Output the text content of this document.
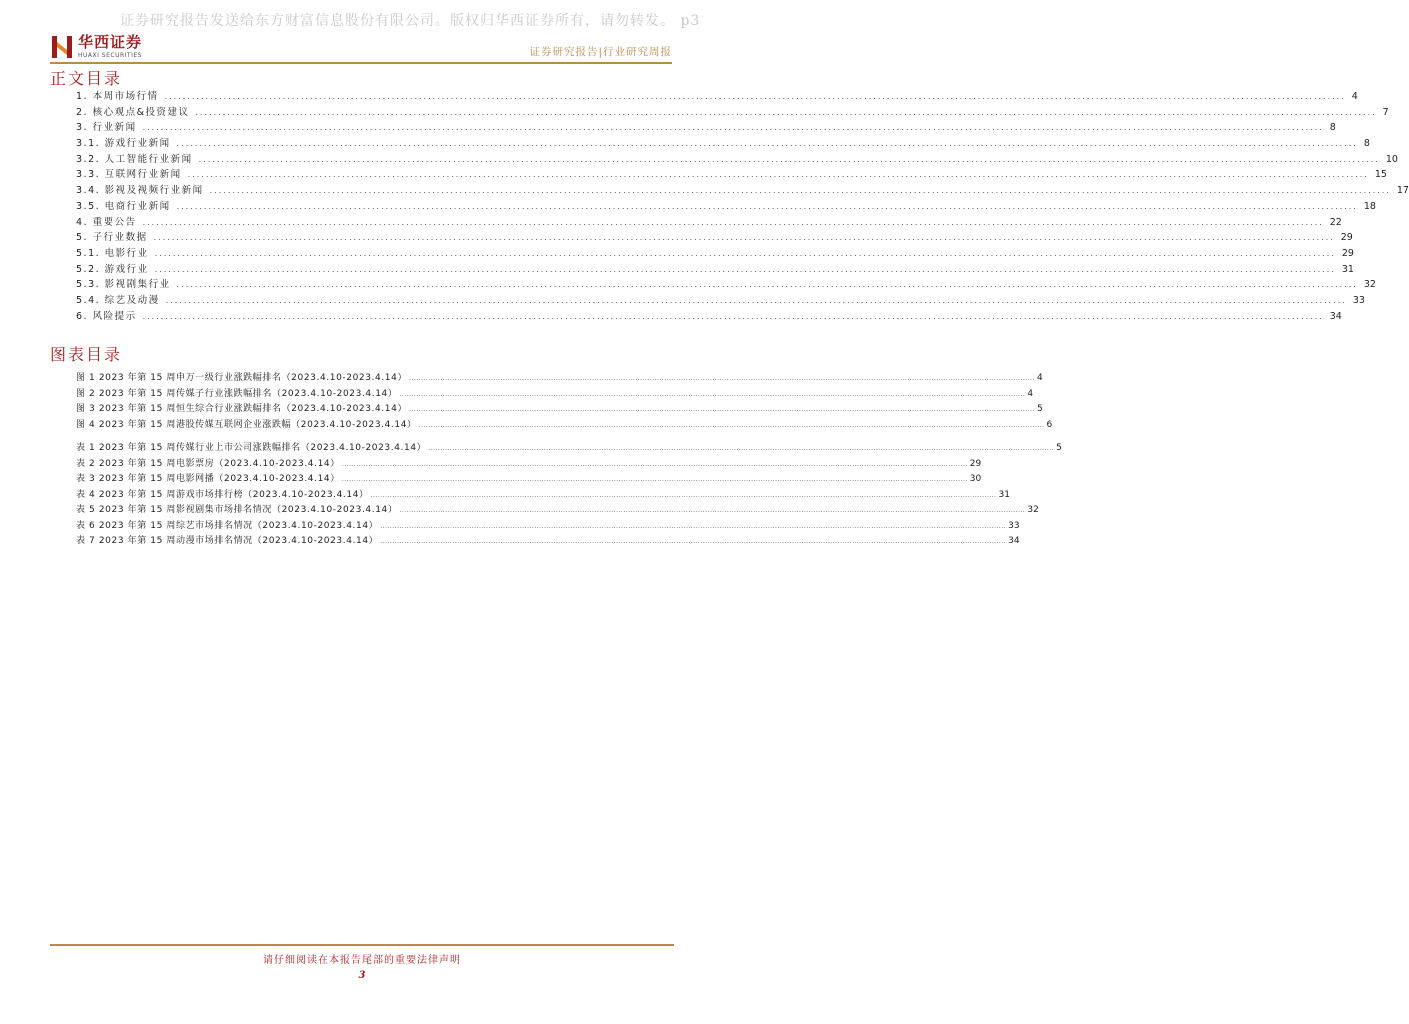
证券研究报告发送给东方财富信息股份有限公司。版权归华西证券所有，请勿转发。 p3
华西证券
HUAXI SECURITIES	证券研究报告|行业研究周报
正文目录
1. 本周市场行情 .................................................................................................................................................................................................................................................................... 4
2. 核心观点&投资建议 .................................................................................................................................................................................................................................................................... 7
3. 行业新闻 .................................................................................................................................................................................................................................................................... 8
3.1. 游戏行业新闻 .................................................................................................................................................................................................................................................................... 8
3.2. 人工智能行业新闻 .................................................................................................................................................................................................................................................................... 10
3.3. 互联网行业新闻 .................................................................................................................................................................................................................................................................... 15
3.4. 影视及视频行业新闻 .................................................................................................................................................................................................................................................................... 17
3.5. 电商行业新闻 .................................................................................................................................................................................................................................................................... 18
4. 重要公告 .................................................................................................................................................................................................................................................................... 22
5. 子行业数据 .................................................................................................................................................................................................................................................................... 29
5.1. 电影行业 .................................................................................................................................................................................................................................................................... 29
5.2. 游戏行业 .................................................................................................................................................................................................................................................................... 31
5.3. 影视剧集行业 .................................................................................................................................................................................................................................................................... 32
5.4. 综艺及动漫 .................................................................................................................................................................................................................................................................... 33
6. 风险提示 .................................................................................................................................................................................................................................................................... 34
图表目录
图 1 2023 年第 15 周申万一级行业涨跌幅排名（2023.4.10-2023.4.14） .................................................................................................................................................................................................................................................................... 4
图 2 2023 年第 15 周传媒子行业涨跌幅排名（2023.4.10-2023.4.14） .................................................................................................................................................................................................................................................................... 4
图 3 2023 年第 15 周恒生综合行业涨跌幅排名（2023.4.10-2023.4.14） .................................................................................................................................................................................................................................................................... 5
图 4 2023 年第 15 周港股传媒互联网企业涨跌幅（2023.4.10-2023.4.14） .................................................................................................................................................................................................................................................................... 6
表 1 2023 年第 15 周传媒行业上市公司涨跌幅排名（2023.4.10-2023.4.14） .................................................................................................................................................................................................................................................................... 5
表 2 2023 年第 15 周电影票房（2023.4.10-2023.4.14） .................................................................................................................................................................................................................................................................... 29
表 3 2023 年第 15 周电影网播（2023.4.10-2023.4.14） .................................................................................................................................................................................................................................................................... 30
表 4 2023 年第 15 周游戏市场排行榜（2023.4.10-2023.4.14） .................................................................................................................................................................................................................................................................... 31
表 5 2023 年第 15 周影视剧集市场排名情况（2023.4.10-2023.4.14） .................................................................................................................................................................................................................................................................... 32
表 6 2023 年第 15 周综艺市场排名情况（2023.4.10-2023.4.14） .................................................................................................................................................................................................................................................................... 33
表 7 2023 年第 15 周动漫市场排名情况（2023.4.10-2023.4.14） .................................................................................................................................................................................................................................................................... 34
请仔细阅读在本报告尾部的重要法律声明
3
